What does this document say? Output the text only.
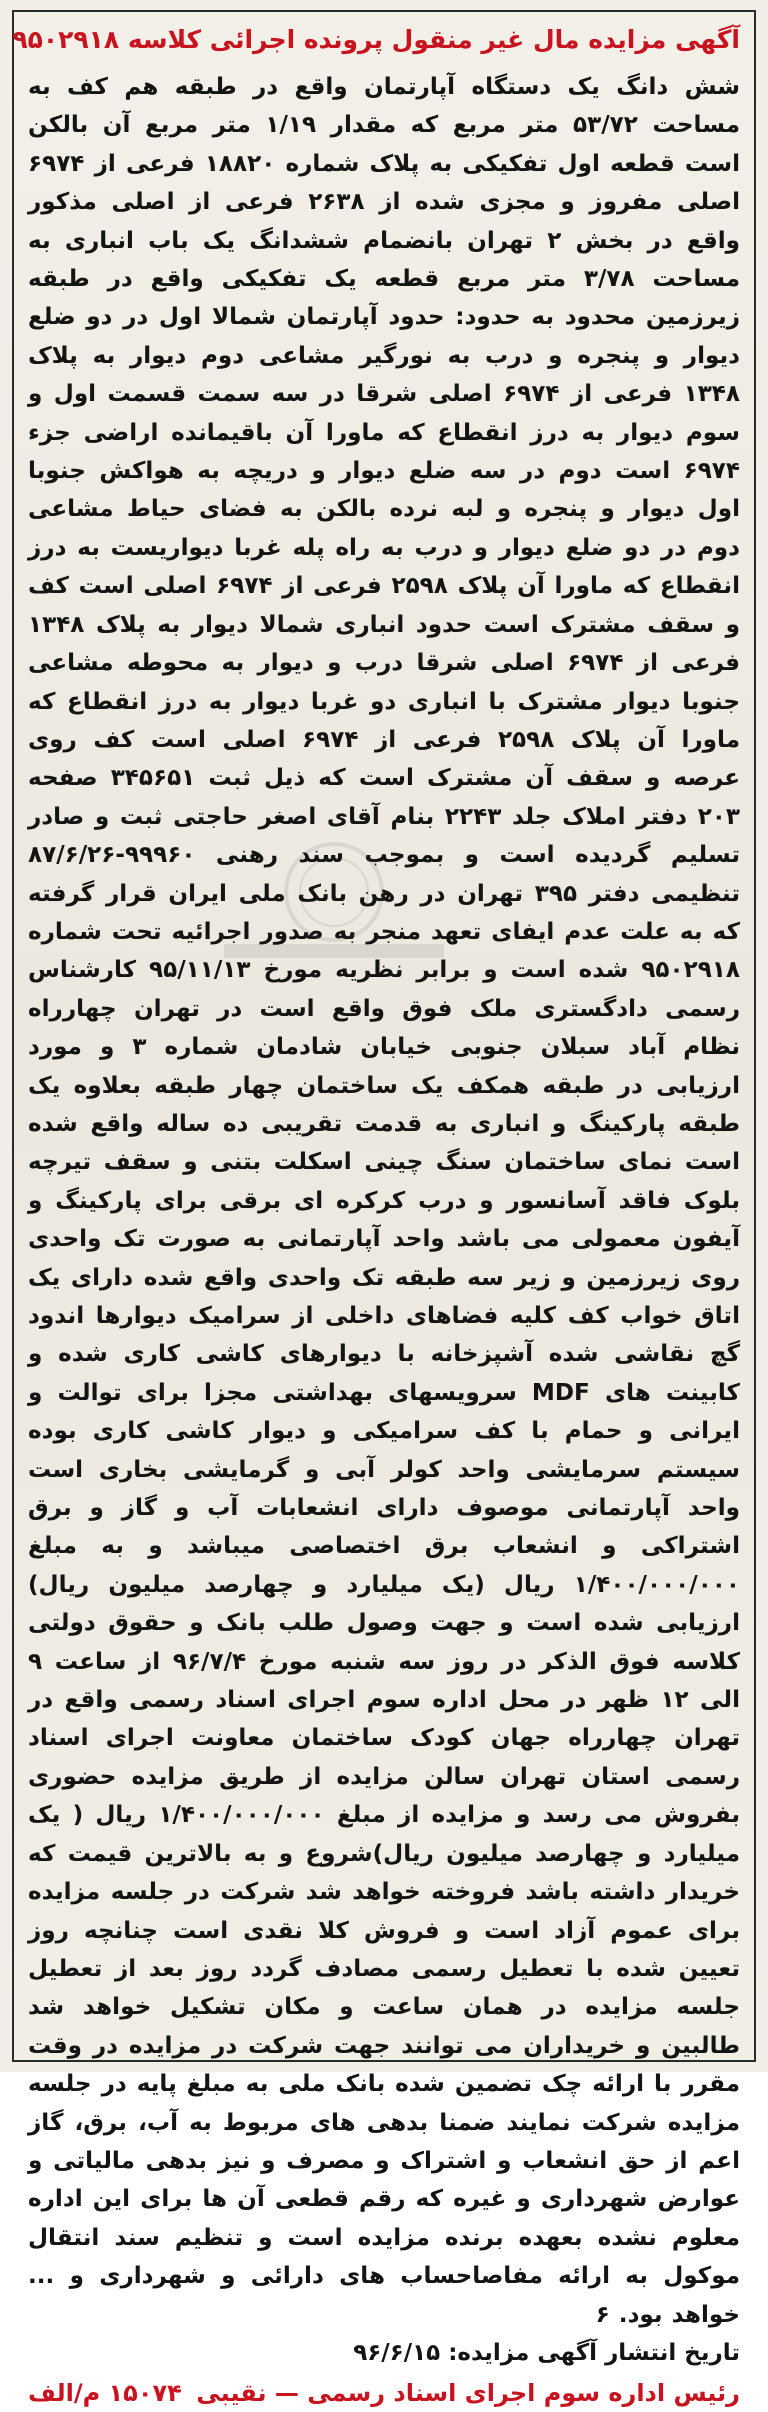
آگهی مزایده مال غیر منقول پرونده اجرائی کلاسه ۹۵۰۲۹۱۸

شش دانگ یک دستگاه آپارتمان واقع در طبقه هم کف به مساحت ۵۳/۷۲ متر مربع که مقدار ۱/۱۹ متر مربع آن بالکن است قطعه اول تفکیکی به پلاک شماره ۱۸۸۲۰ فرعی از ۶۹۷۴ اصلی مفروز و مجزی شده از ۲۶۳۸ فرعی از اصلی مذکور واقع در بخش ۲ تهران بانضمام ششدانگ یک باب انباری به مساحت ۳/۷۸ متر مربع قطعه یک تفکیکی واقع در طبقه زیرزمین محدود به حدود: حدود آپارتمان شمالا اول در دو ضلع دیوار و پنجره و درب به نورگیر مشاعی دوم دیوار به پلاک ۱۳۴۸ فرعی از ۶۹۷۴ اصلی شرقا در سه سمت قسمت اول و سوم دیوار به درز انقطاع که ماورا آن باقیمانده اراضی جزء ۶۹۷۴ است دوم در سه ضلع دیوار و دریچه به هواکش جنوبا اول دیوار و پنجره و لبه نرده بالکن به فضای حیاط مشاعی دوم در دو ضلع دیوار و درب به راه پله غربا دیواریست به درز انقطاع که ماورا آن پلاک ۲۵۹۸ فرعی از ۶۹۷۴ اصلی است کف و سقف مشترک است حدود انباری شمالا دیوار به پلاک ۱۳۴۸ فرعی از ۶۹۷۴ اصلی شرقا درب و دیوار به محوطه مشاعی جنوبا دیوار مشترک با انباری دو غربا دیوار به درز انقطاع که ماورا آن پلاک ۲۵۹۸ فرعی از ۶۹۷۴ اصلی است کف روی عرصه و سقف آن مشترک است که ذیل ثبت ۳۴۵۶۵۱ صفحه ۲۰۳ دفتر املاک جلد ۲۲۴۳ بنام آقای اصغر حاجتی ثبت و صادر تسلیم گردیده است و بموجب سند رهنی ۹۹۹۶۰-۸۷/۶/۲۶ تنظیمی دفتر ۳۹۵ تهران در رهن بانک ملی ایران قرار گرفته که به علت عدم ایفای تعهد منجر به صدور اجرائیه تحت شماره ۹۵۰۲۹۱۸ شده است و برابر نظریه مورخ ۹۵/۱۱/۱۳ کارشناس رسمی دادگستری ملک فوق واقع است در تهران چهارراه نظام آباد سبلان جنوبی خیابان شادمان شماره ۳ و مورد ارزیابی در طبقه همکف یک ساختمان چهار طبقه بعلاوه یک طبقه پارکینگ و انباری به قدمت تقریبی ده ساله واقع شده است نمای ساختمان سنگ چینی اسکلت بتنی و سقف تیرچه بلوک فاقد آسانسور و درب کرکره ای برقی برای پارکینگ و آیفون معمولی می باشد واحد آپارتمانی به صورت تک واحدی روی زیرزمین و زیر سه طبقه تک واحدی واقع شده دارای یک اتاق خواب کف کلیه فضاهای داخلی از سرامیک دیوارها اندود گچ نقاشی شده آشپزخانه با دیوارهای کاشی کاری شده و کابینت های MDF سرویسهای بهداشتی مجزا برای توالت و ایرانی و حمام با کف سرامیکی و دیوار کاشی کاری بوده سیستم سرمایشی واحد کولر آبی و گرمایشی بخاری است واحد آپارتمانی موصوف دارای انشعابات آب و گاز و برق اشتراکی و انشعاب برق اختصاصی میباشد و به مبلغ ۱/۴۰۰/۰۰۰/۰۰۰ ریال (یک میلیارد و چهارصد میلیون ریال) ارزیابی شده است و جهت وصول طلب بانک و حقوق دولتی کلاسه فوق الذکر در روز سه شنبه مورخ ۹۶/۷/۴ از ساعت ۹ الی ۱۲ ظهر در محل اداره سوم اجرای اسناد رسمی واقع در تهران چهارراه جهان کودک ساختمان معاونت اجرای اسناد رسمی استان تهران سالن مزایده از طریق مزایده حضوری بفروش می رسد و مزایده از مبلغ ۱/۴۰۰/۰۰۰/۰۰۰ ریال ( یک میلیارد و چهارصد میلیون ریال)شروع و به بالاترین قیمت که خریدار داشته باشد فروخته خواهد شد شرکت در جلسه مزایده برای عموم آزاد است و فروش کلا نقدی است چنانچه روز تعیین شده با تعطیل رسمی مصادف گردد روز بعد از تعطیل جلسه مزایده در همان ساعت و مکان تشکیل خواهد شد طالبین و خریداران می توانند جهت شرکت در مزایده در وقت مقرر با ارائه چک تضمین شده بانک ملی به مبلغ پایه در جلسه مزایده شرکت نمایند ضمنا بدهی های مربوط به آب، برق، گاز اعم از حق انشعاب و اشتراک و مصرف و نیز بدهی مالیاتی و عوارض شهرداری و غیره که رقم قطعی آن ها برای این اداره معلوم نشده بعهده برنده مزایده است و تنظیم سند انتقال موکول به ارائه مفاصاحساب های دارائی و شهرداری و ... خواهد بود. ۶

تاریخ انتشار آگهی مزایده: ۹۶/۶/۱۵

رئیس اداره سوم اجرای اسناد رسمی — نقیبی
۱۵۰۷۴ م/الف
